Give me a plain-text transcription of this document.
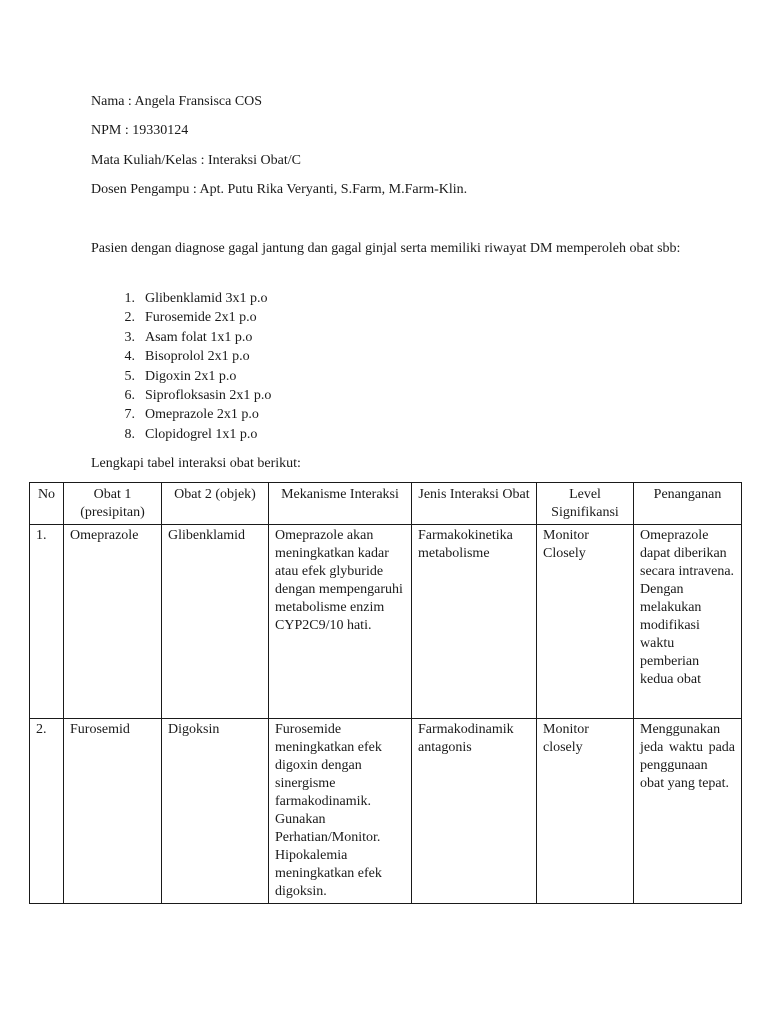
Nama : Angela Fransisca COS
NPM : 19330124
Mata Kuliah/Kelas : Interaksi Obat/C
Dosen Pengampu : Apt. Putu Rika Veryanti, S.Farm, M.Farm-Klin.
Pasien dengan diagnose gagal jantung dan gagal ginjal serta memiliki riwayat DM memperoleh obat sbb:
1. Glibenklamid 3x1 p.o
2. Furosemide 2x1 p.o
3. Asam folat 1x1 p.o
4. Bisoprolol 2x1 p.o
5. Digoxin 2x1 p.o
6. Siprofloksasin 2x1 p.o
7. Omeprazole 2x1 p.o
8. Clopidogrel 1x1 p.o
Lengkapi tabel interaksi obat berikut:
No	Obat 1 (presipitan)	Obat 2 (objek)	Mekanisme Interaksi	Jenis Interaksi Obat	Level Signifikansi	Penanganan
1.	Omeprazole	Glibenklamid	Omeprazole akan meningkatkan kadar atau efek glyburide dengan mempengaruhi metabolisme enzim CYP2C9/10 hati.	Farmakokinetika metabolisme	Monitor Closely	Omeprazole dapat diberikan secara intravena. Dengan melakukan modifikasi waktu pemberian kedua obat
2.	Furosemid	Digoksin	Furosemide meningkatkan efek digoxin dengan sinergisme farmakodinamik. Gunakan Perhatian/Monitor. Hipokalemia meningkatkan efek digoksin.	Farmakodinamik antagonis	Monitor closely	Menggunakan jeda waktu pada penggunaan obat yang tepat.
